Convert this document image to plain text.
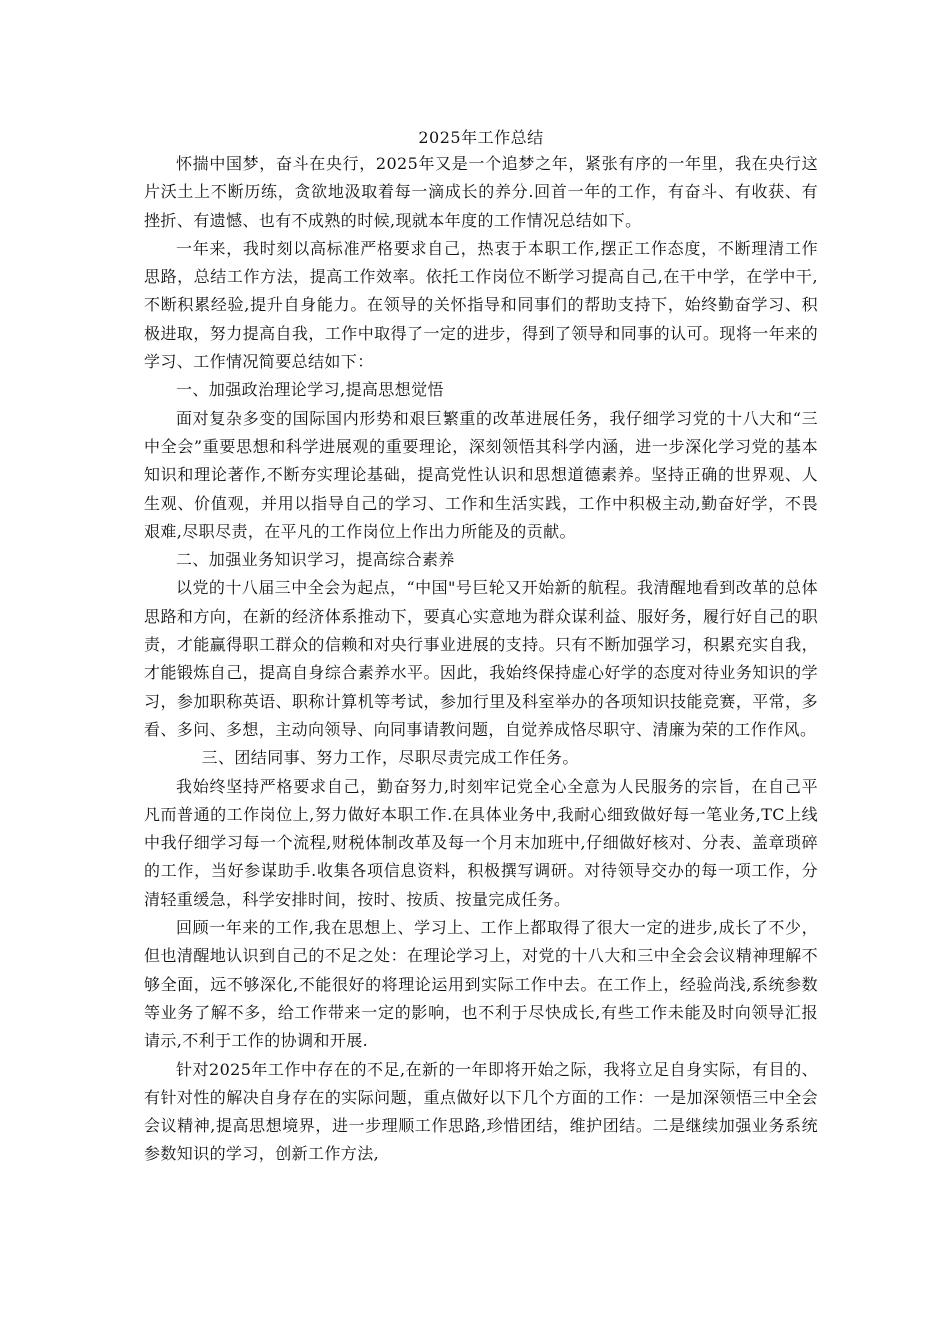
2025年工作总结

怀揣中国梦，奋斗在央行，2025年又是一个追梦之年，紧张有序的一年里，我在央行这片沃土上不断历练，贪欲地汲取着每一滴成长的养分.回首一年的工作，有奋斗、有收获、有挫折、有遗憾、也有不成熟的时候,现就本年度的工作情况总结如下。

一年来，我时刻以高标准严格要求自己，热衷于本职工作,摆正工作态度，不断理清工作思路，总结工作方法，提高工作效率。依托工作岗位不断学习提高自己,在干中学，在学中干,不断积累经验,提升自身能力。在领导的关怀指导和同事们的帮助支持下，始终勤奋学习、积极进取，努力提高自我，工作中取得了一定的进步，得到了领导和同事的认可。现将一年来的学习、工作情况简要总结如下：

一、加强政治理论学习,提高思想觉悟

面对复杂多变的国际国内形势和艰巨繁重的改革进展任务，我仔细学习党的十八大和“三中全会”重要思想和科学进展观的重要理论，深刻领悟其科学内涵，进一步深化学习党的基本知识和理论著作,不断夯实理论基础，提高党性认识和思想道德素养。坚持正确的世界观、人生观、价值观，并用以指导自己的学习、工作和生活实践，工作中积极主动,勤奋好学，不畏艰难,尽职尽责，在平凡的工作岗位上作出力所能及的贡献。

二、加强业务知识学习，提高综合素养

以党的十八届三中全会为起点，“中国"号巨轮又开始新的航程。我清醒地看到改革的总体思路和方向，在新的经济体系推动下，要真心实意地为群众谋利益、服好务，履行好自己的职责，才能赢得职工群众的信赖和对央行事业进展的支持。只有不断加强学习，积累充实自我，才能锻炼自己，提高自身综合素养水平。因此，我始终保持虚心好学的态度对待业务知识的学习，参加职称英语、职称计算机等考试，参加行里及科室举办的各项知识技能竞赛，平常，多看、多问、多想，主动向领导、向同事请教问题，自觉养成恪尽职守、清廉为荣的工作作风。

三、团结同事、努力工作，尽职尽责完成工作任务。

我始终坚持严格要求自己，勤奋努力,时刻牢记党全心全意为人民服务的宗旨，在自己平凡而普通的工作岗位上,努力做好本职工作.在具体业务中,我耐心细致做好每一笔业务,TC上线中我仔细学习每一个流程,财税体制改革及每一个月末加班中,仔细做好核对、分表、盖章琐碎的工作，当好参谋助手.收集各项信息资料，积极撰写调研。对待领导交办的每一项工作，分清轻重缓急，科学安排时间，按时、按质、按量完成任务。

回顾一年来的工作,我在思想上、学习上、工作上都取得了很大一定的进步,成长了不少，但也清醒地认识到自己的不足之处：在理论学习上，对党的十八大和三中全会会议精神理解不够全面，远不够深化,不能很好的将理论运用到实际工作中去。在工作上，经验尚浅,系统参数等业务了解不多，给工作带来一定的影响，也不利于尽快成长,有些工作未能及时向领导汇报请示,不利于工作的协调和开展.

针对2025年工作中存在的不足,在新的一年即将开始之际，我将立足自身实际，有目的、有针对性的解决自身存在的实际问题，重点做好以下几个方面的工作：一是加深领悟三中全会会议精神,提高思想境界，进一步理顺工作思路,珍惜团结，维护团结。二是继续加强业务系统参数知识的学习，创新工作方法,
